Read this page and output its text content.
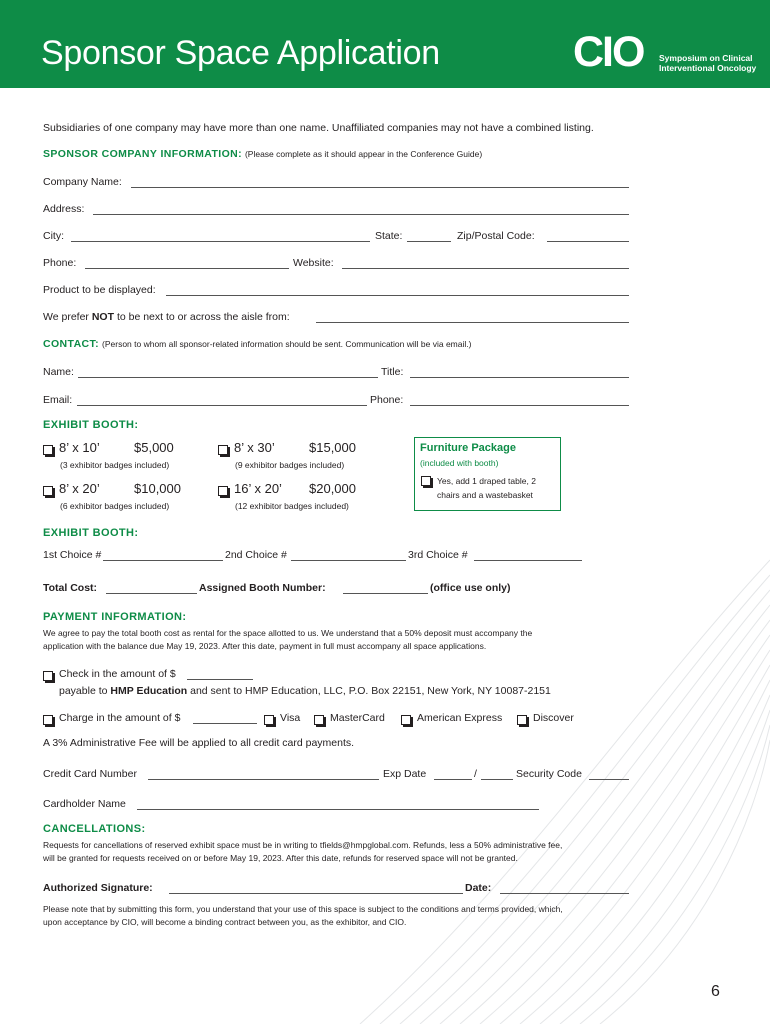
Sponsor Space Application	CIO Symposium on Clinical
Interventional Oncology
Subsidiaries of one company may have more than one name. Unaffiliated companies may not have a combined listing.
SPONSOR COMPANY INFORMATION: (Please complete as it should appear in the Conference Guide)
Company Name:
Address:
City:	State:	Zip/Postal Code:
Phone:	Website:
Product to be displayed:
We prefer NOT to be next to or across the aisle from:
CONTACT: (Person to whom all sponsor-related information should be sent. Communication will be via email.)
Name:	Title:
Email:	Phone:
EXHIBIT BOOTH:
8’ x 10’	$5,000
(3 exhibitor badges included)
8’ x 30’	$15,000
(9 exhibitor badges included)
8’ x 20’	$10,000
(6 exhibitor badges included)
16’ x 20’ $20,000
(12 exhibitor badges included)
Furniture Package
(included with booth)
Yes, add 1 draped table, 2
chairs and a wastebasket
EXHIBIT BOOTH:
1st Choice #	2nd Choice #	3rd Choice #
Total Cost:	Assigned Booth Number:	(office use only)
PAYMENT INFORMATION:
We agree to pay the total booth cost as rental for the space allotted to us. We understand that a 50% deposit must accompany the
application with the balance due May 19, 2023. After this date, payment in full must accompany all space applications.
Check in the amount of $
payable to HMP Education and sent to HMP Education, LLC, P.O. Box 22151, New York, NY 10087-2151
Charge in the amount of $	Visa	MasterCard	American Express	Discover
A 3% Administrative Fee will be applied to all credit card payments.
Credit Card Number	Exp Date	/	Security Code
Cardholder Name
CANCELLATIONS:
Requests for cancellations of reserved exhibit space must be in writing to tfields@hmpglobal.com. Refunds, less a 50% administrative fee,
will be granted for requests received on or before May 19, 2023. After this date, refunds for reserved space will not be granted.
Authorized Signature:	Date:
Please note that by submitting this form, you understand that your use of this space is subject to the conditions and terms provided, which,
upon acceptance by CIO, will become a binding contract between you, as the exhibitor, and CIO.
6
